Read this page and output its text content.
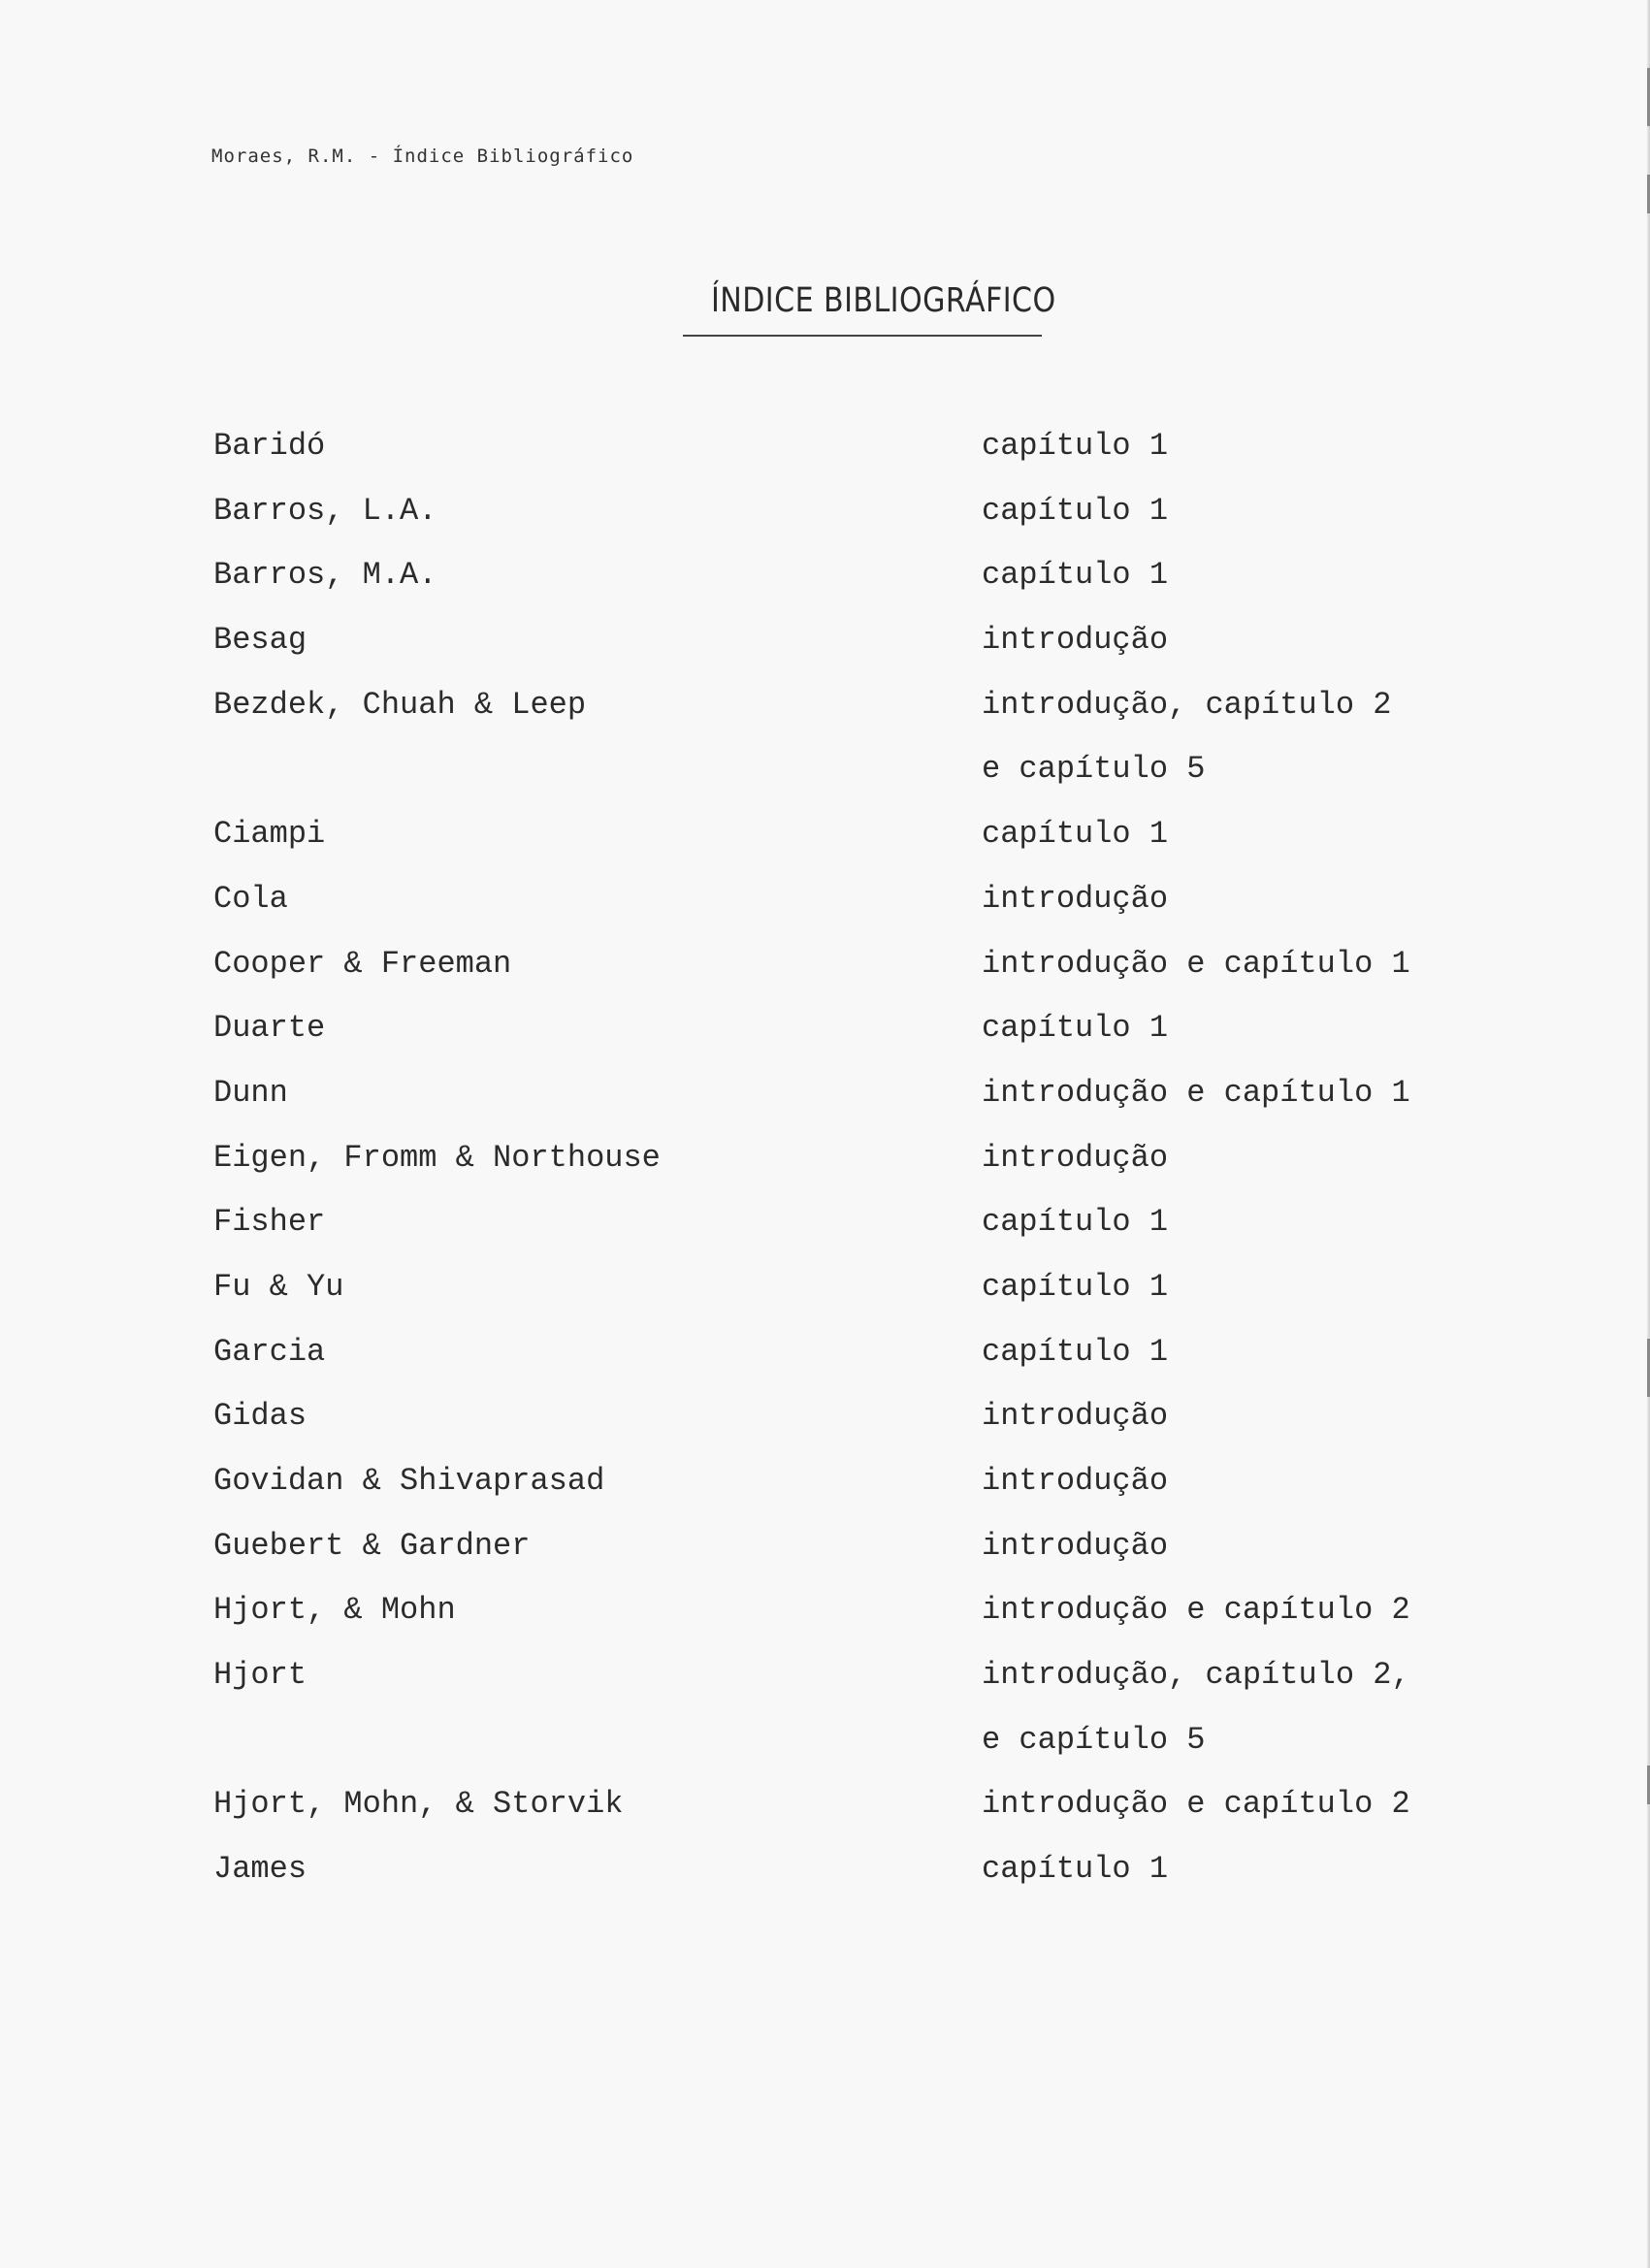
Moraes, R.M. - Índice Bibliográfico
ÍNDICE BIBLIOGRÁFICO
Baridó	capítulo 1
Barros, L.A.	capítulo 1
Barros, M.A.	capítulo 1
Besag	introdução
Bezdek, Chuah & Leep	introdução, capítulo 2
e capítulo 5
Ciampi	capítulo 1
Cola	introdução
Cooper & Freeman	introdução e capítulo 1
Duarte	capítulo 1
Dunn	introdução e capítulo 1
Eigen, Fromm & Northouse	introdução
Fisher	capítulo 1
Fu & Yu	capítulo 1
Garcia	capítulo 1
Gidas	introdução
Govidan & Shivaprasad	introdução
Guebert & Gardner	introdução
Hjort, & Mohn	introdução e capítulo 2
Hjort	introdução, capítulo 2,
e capítulo 5
Hjort, Mohn, & Storvik	introdução e capítulo 2
James	capítulo 1
